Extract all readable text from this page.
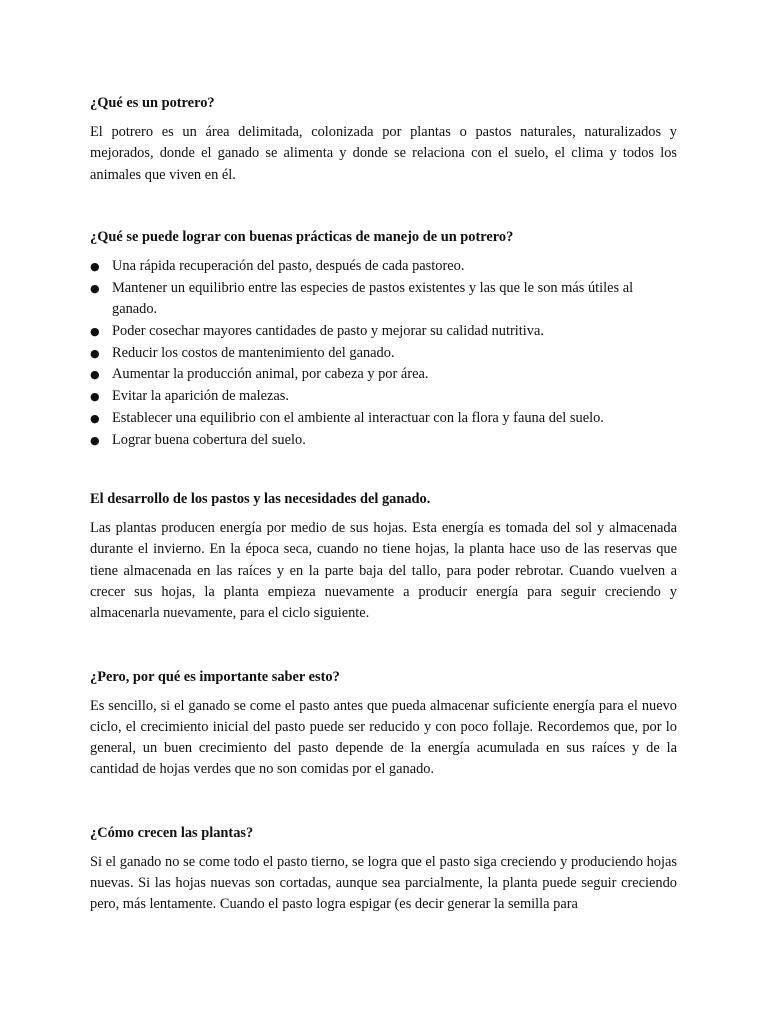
¿Qué es un potrero?

El potrero es un área delimitada, colonizada por plantas o pastos naturales, naturalizados y mejorados, donde el ganado se alimenta y donde se relaciona con el suelo, el clima y todos los animales que viven en él.

¿Qué se puede lograr con buenas prácticas de manejo de un potrero?
● Una rápida recuperación del pasto, después de cada pastoreo.
● Mantener un equilibrio entre las especies de pastos existentes y las que le son más útiles al ganado.
● Poder cosechar mayores cantidades de pasto y mejorar su calidad nutritiva.
● Reducir los costos de mantenimiento del ganado.
● Aumentar la producción animal, por cabeza y por área.
● Evitar la aparición de malezas.
● Establecer una equilibrio con el ambiente al interactuar con la flora y fauna del suelo.
● Lograr buena cobertura del suelo.
El desarrollo de los pastos y las necesidades del ganado.

Las plantas producen energía por medio de sus hojas. Esta energía es tomada del sol y almacenada durante el invierno. En la época seca, cuando no tiene hojas, la planta hace uso de las reservas que tiene almacenada en las raíces y en la parte baja del tallo, para poder rebrotar. Cuando vuelven a crecer sus hojas, la planta empieza nuevamente a producir energía para seguir creciendo y almacenarla nuevamente, para el ciclo siguiente.

¿Pero, por qué es importante saber esto?

Es sencillo, si el ganado se come el pasto antes que pueda almacenar suficiente energía para el nuevo ciclo, el crecimiento inicial del pasto puede ser reducido y con poco follaje. Recordemos que, por lo general, un buen crecimiento del pasto depende de la energía acumulada en sus raíces y de la cantidad de hojas verdes que no son comidas por el ganado.

¿Cómo crecen las plantas?

Si el ganado no se come todo el pasto tierno, se logra que el pasto siga creciendo y produciendo hojas nuevas. Si las hojas nuevas son cortadas, aunque sea parcialmente, la planta puede seguir creciendo pero, más lentamente. Cuando el pasto logra espigar (es decir generar la semilla para
